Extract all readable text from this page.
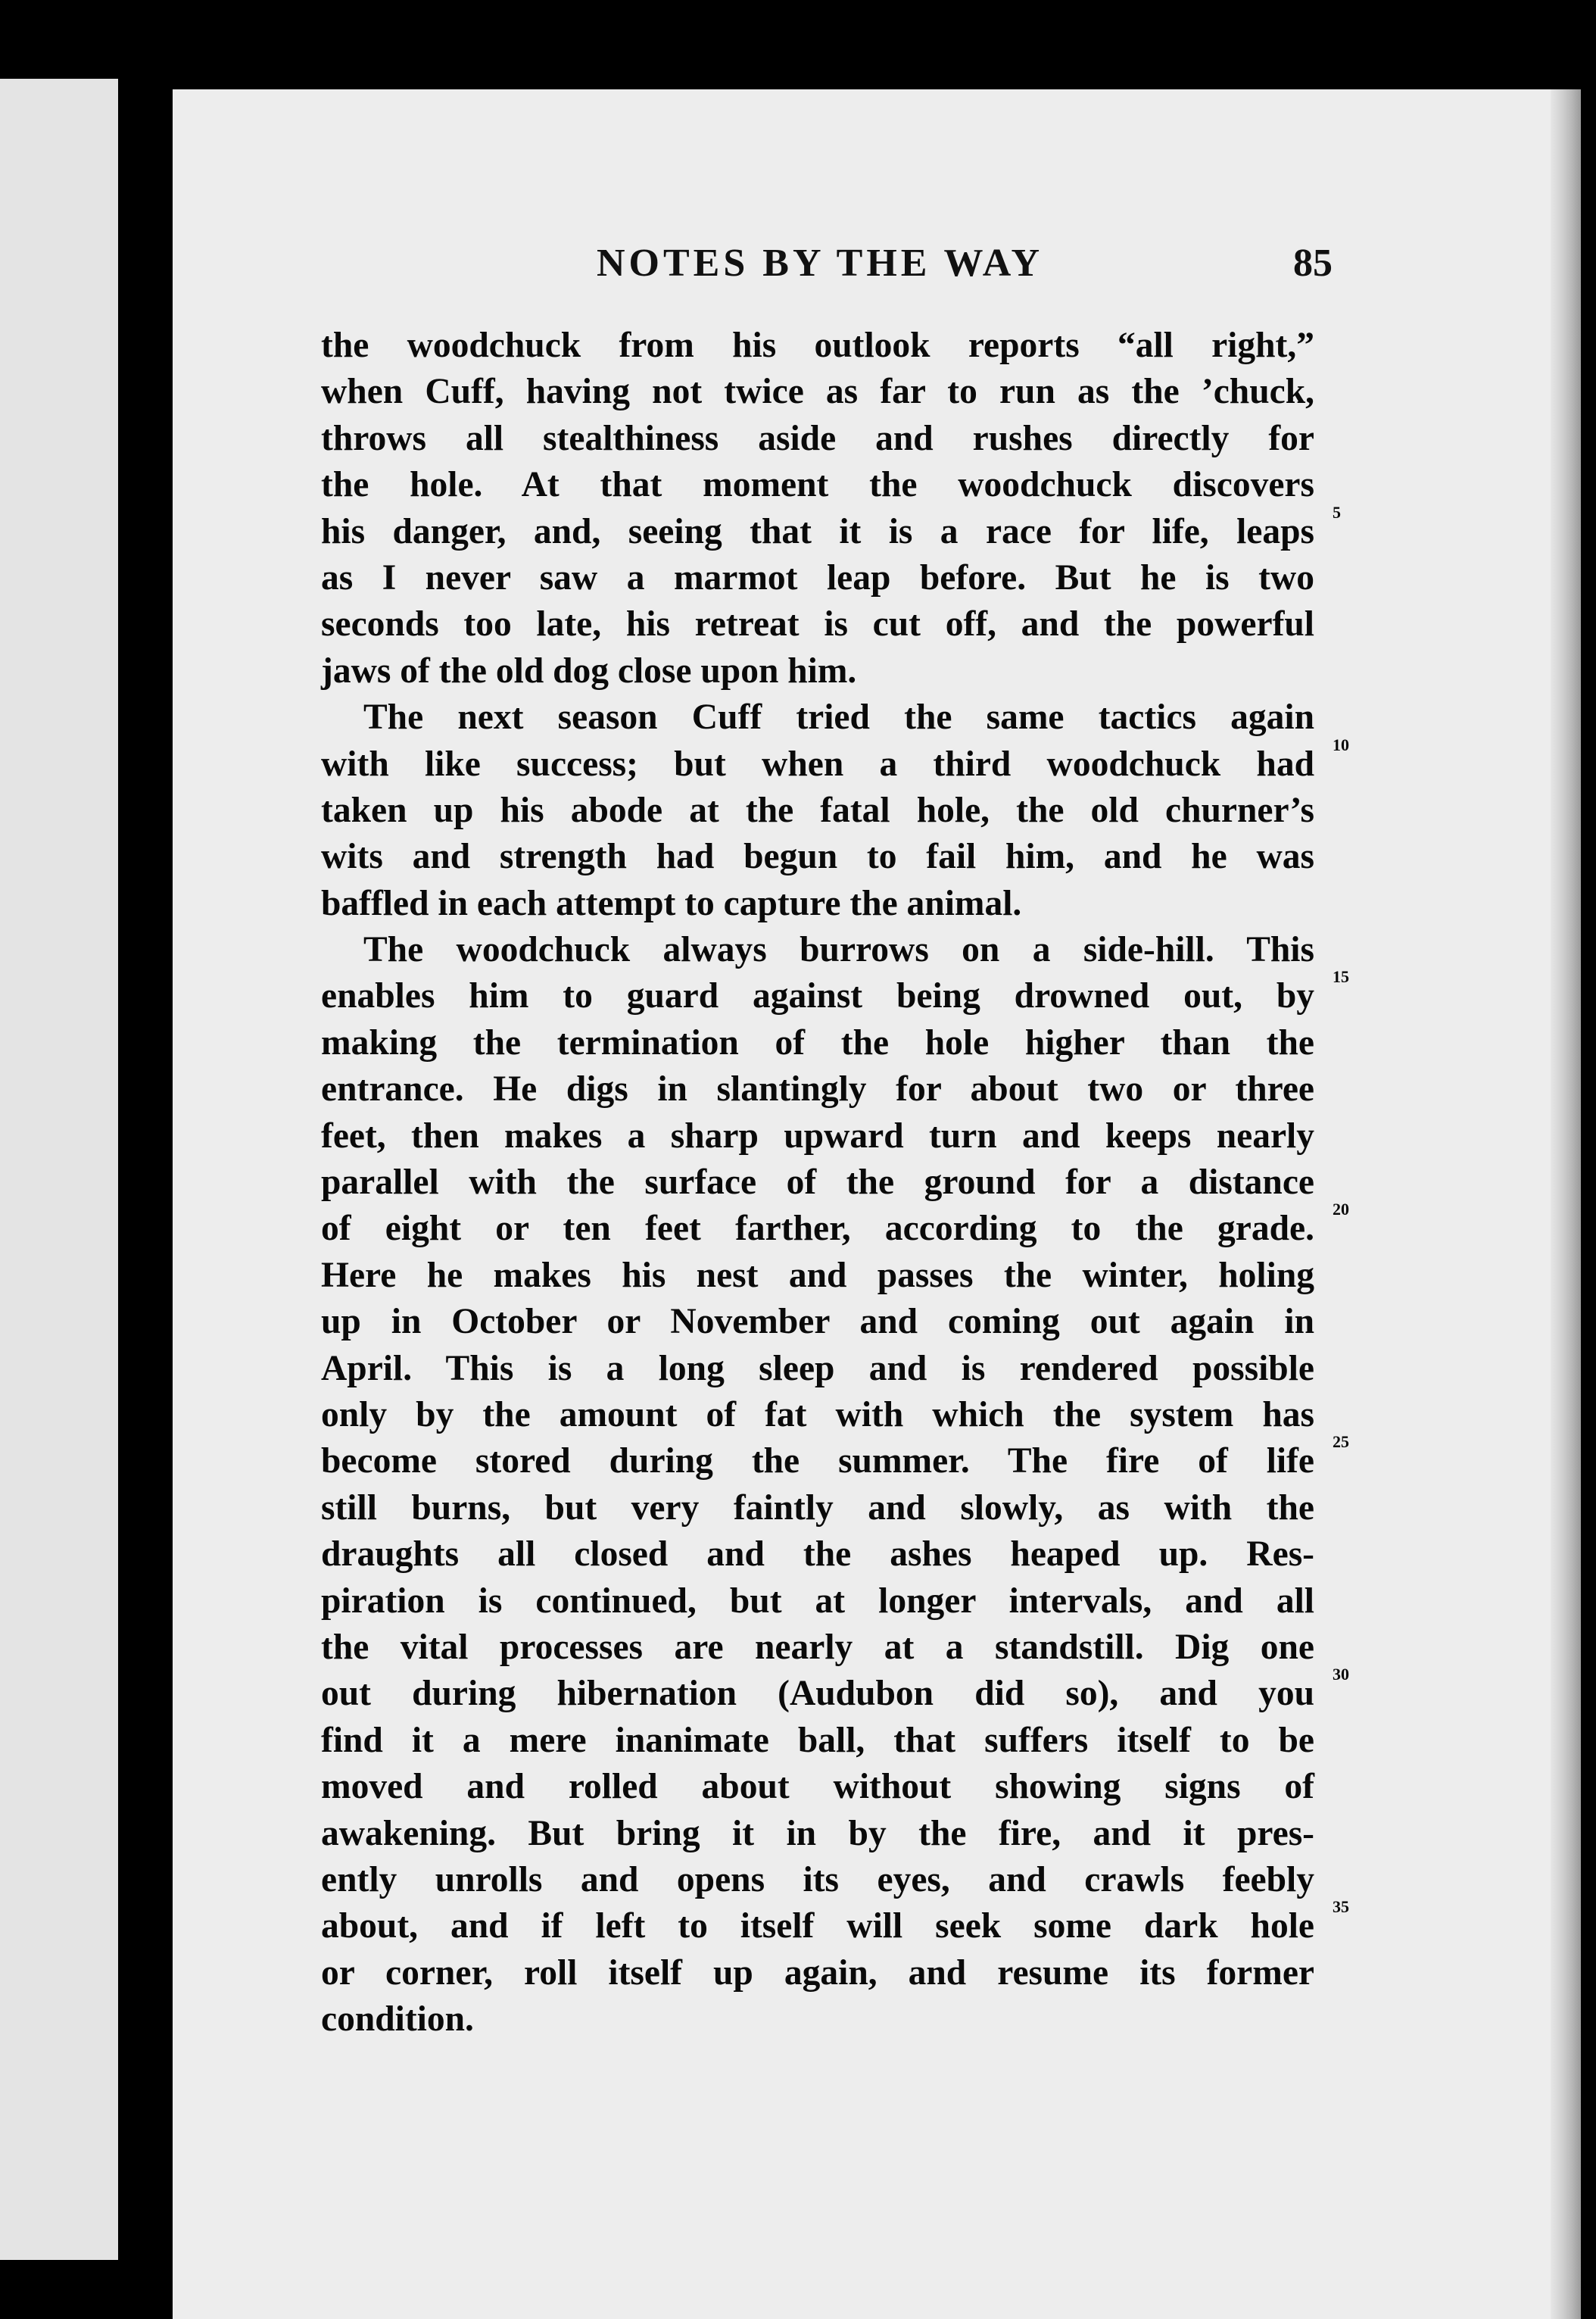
NOTES BY THE WAY	85
the woodchuck from his outlook reports “all right,”
when Cuff, having not twice as far to run as the ’chuck,
throws all stealthiness aside and rushes directly for
the hole. At that moment the woodchuck discovers
his danger, and, seeing that it is a race for life, leaps 5
as I never saw a marmot leap before. But he is two
seconds too late, his retreat is cut off, and the powerful
jaws of the old dog close upon him.
The next season Cuff tried the same tactics again
with like success; but when a third woodchuck had 10
taken up his abode at the fatal hole, the old churner’s
wits and strength had begun to fail him, and he was
baffled in each attempt to capture the animal.
The woodchuck always burrows on a side-hill. This
enables him to guard against being drowned out, by 15
making the termination of the hole higher than the
entrance. He digs in slantingly for about two or three
feet, then makes a sharp upward turn and keeps nearly
parallel with the surface of the ground for a distance
of eight or ten feet farther, according to the grade. 20
Here he makes his nest and passes the winter, holing
up in October or November and coming out again in
April. This is a long sleep and is rendered possible
only by the amount of fat with which the system has
become stored during the summer. The fire of life 25
still burns, but very faintly and slowly, as with the
draughts all closed and the ashes heaped up. Res-
piration is continued, but at longer intervals, and all
the vital processes are nearly at a standstill. Dig one
out during hibernation (Audubon did so), and you 30
find it a mere inanimate ball, that suffers itself to be
moved and rolled about without showing signs of
awakening. But bring it in by the fire, and it pres-
ently unrolls and opens its eyes, and crawls feebly
about, and if left to itself will seek some dark hole 35
or corner, roll itself up again, and resume its former
condition.
